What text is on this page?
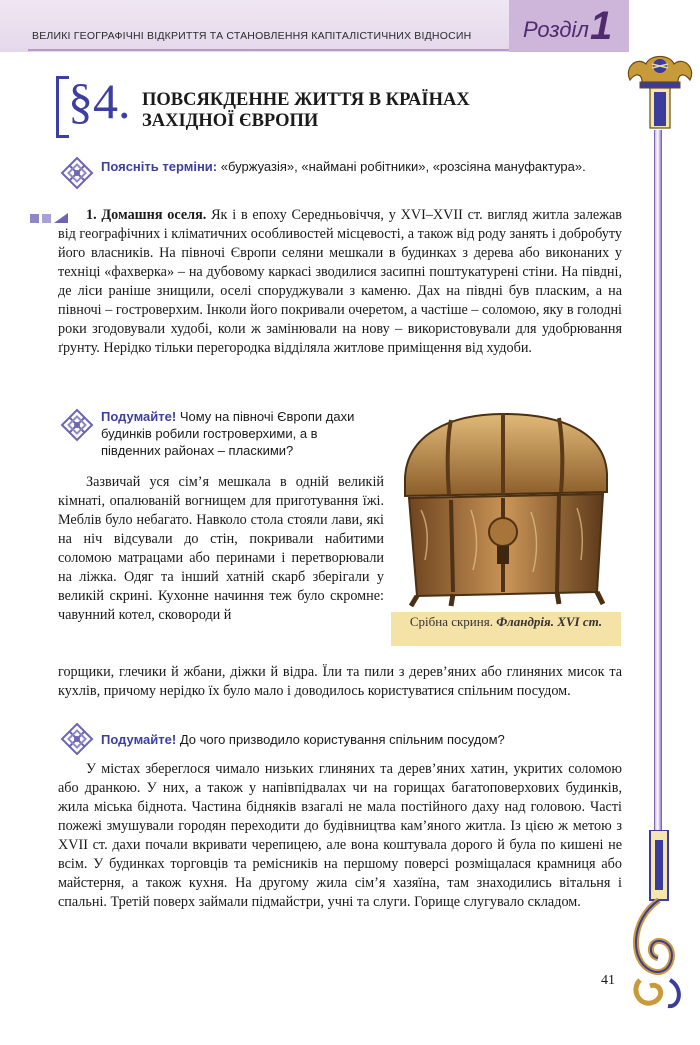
ВЕЛИКІ ГЕОГРАФІЧНІ ВІДКРИТТЯ ТА СТАНОВЛЕННЯ КАПІТАЛІСТИЧНИХ ВІДНОСИН Розділ 1
§4. ПОВСЯКДЕННЕ ЖИТТЯ В КРАЇНАХ
ЗАХІДНОЇ ЄВРОПИ
Поясніть терміни: «буржуазія», «наймані робітники», «розсіяна мануфактура».
1. Домашня оселя. Як і в епоху Середньовіччя, у XVI–XVII ст. вигляд житла залежав від географічних і кліматичних особливостей місцевості, а також від роду занять і добробуту його власників. На півночі Європи селяни мешкали в будинках з дерева або виконаних у техніці «фахверка» – на дубовому каркасі зводилися засипні поштукатурені стіни. На півдні, де ліси раніше знищили, оселі споруджували з каменю. Дах на півдні був пласким, а на півночі – гостроверхим. Інколи його покривали очеретом, а частіше – соломою, яку в голодні роки згодовували худобі, коли ж замінювали на нову – використовували для удобрювання ґрунту. Нерідко тільки перегородка відділяла житлове приміщення від худоби.
Подумайте! Чому на півночі Європи дахи будинків робили гостроверхими, а в південних районах – пласкими?
Зазвичай уся сім’я мешкала в одній великій кімнаті, опалюваній вогнищем для приготування їжі. Меблів було небагато. Навколо стола стояли лави, які на ніч відсували до стін, покривали набитими соломою матрацами або перинами і перетворювали на ліжка. Одяг та інший хатній скарб зберігали у великій скрині. Кухонне начиння теж було скромне: чавунний котел, сковороди й	Срібна скриня. Фландрія. XVI ст.
горщики, глечики й жбани, діжки й відра. Їли та пили з дерев’яних або глиняних мисок та кухлів, причому нерідко їх було мало і доводилось користуватися спільним посудом.
Подумайте! До чого призводило користування спільним посудом?
У містах збереглося чимало низьких глиняних та дерев’яних хатин, укритих соломою або дранкою. У них, а також у напівпідвалах чи на горищах багатоповерхових будинків, жила міська біднота. Частина бідняків взагалі не мала постійного даху над головою. Часті пожежі змушували городян переходити до будівництва кам’яного житла. Із цією ж метою з XVII ст. дахи почали вкривати черепицею, але вона коштувала дорого й була по кишені не всім. У будинках торговців та ремісників на першому поверсі розміщалася крамниця або майстерня, а також кухня. На другому жила сім’я хазяїна, там знаходились вітальня і спальні. Третій поверх займали підмайстри, учні та слуги. Горище слугувало складом.
41
